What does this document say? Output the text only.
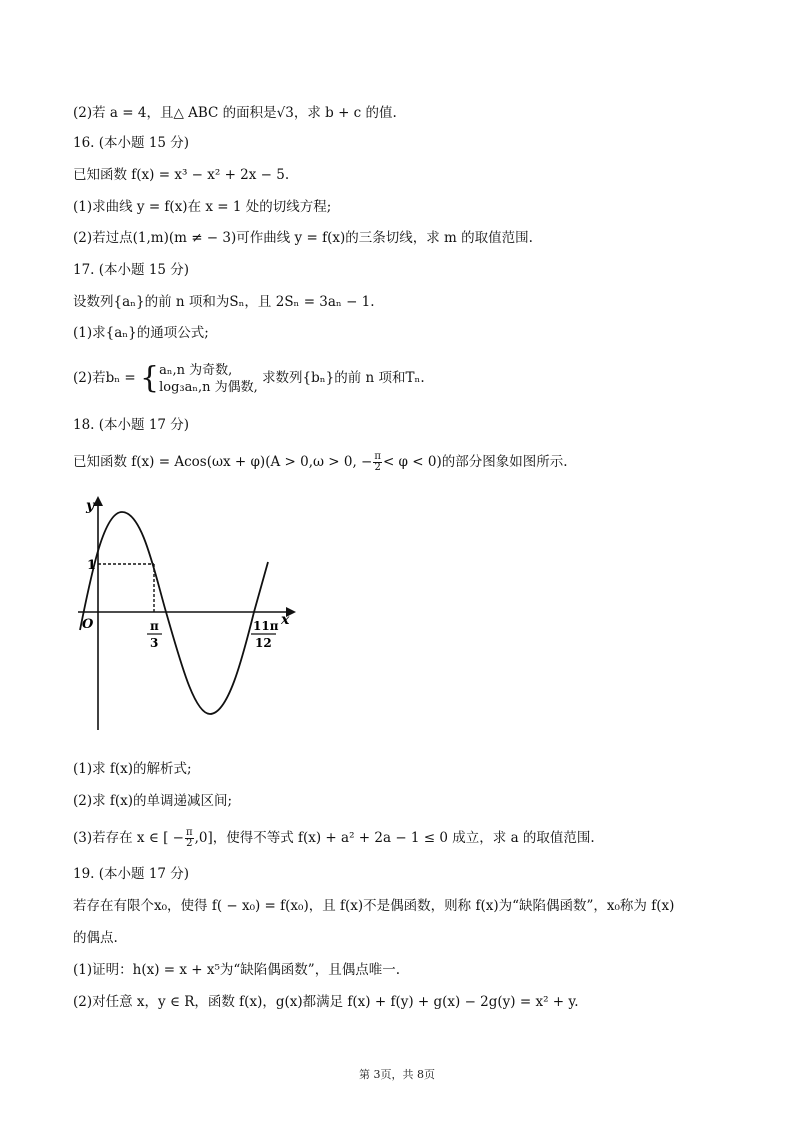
(2)若 a = 4，且△ ABC 的面积是√3，求 b + c 的值.
16. (本小题 15 分)
已知函数 f(x) = x³ − x² + 2x − 5.
(1)求曲线 y = f(x)在 x = 1 处的切线方程;
(2)若过点(1,m)(m ≠ − 3)可作曲线 y = f(x)的三条切线，求 m 的取值范围.
17. (本小题 15 分)
设数列{aₙ}的前 n 项和为Sₙ，且 2Sₙ = 3aₙ − 1.
(1)求{aₙ}的通项公式;
(2)若bₙ = { aₙ,n 为奇数,
log₃aₙ,n 为偶数,
求数列{bₙ}的前 n 项和Tₙ.
18. (本小题 17 分)
已知函数 f(x) = Acos(ωx + φ)(A > 0,ω > 0, − $\frac{\pi}{2} < \varphi < 0$)的部分图象如图所示.
y
x
O
1
π
3
11π
12
(1)求 f(x)的解析式;
(2)求 f(x)的单调递减区间;
(3)若存在 x ∈ [ − $\frac{\pi}{2} ,0$]，使得不等式 f(x) + a² + 2a − 1 ≤ 0 成立，求 a 的取值范围.
19. (本小题 17 分)
若存在有限个x₀，使得 f( − x₀) = f(x₀)，且 f(x)不是偶函数，则称 f(x)为“缺陷偶函数”，x₀称为 f(x)
的偶点.
(1)证明：h(x) = x + x⁵为“缺陷偶函数”，且偶点唯一.
(2)对任意 x，y ∈ R，函数 f(x)，g(x)都满足 f(x) + f(y) + g(x) − 2g(y) = x² + y.
第 3页，共 8页
